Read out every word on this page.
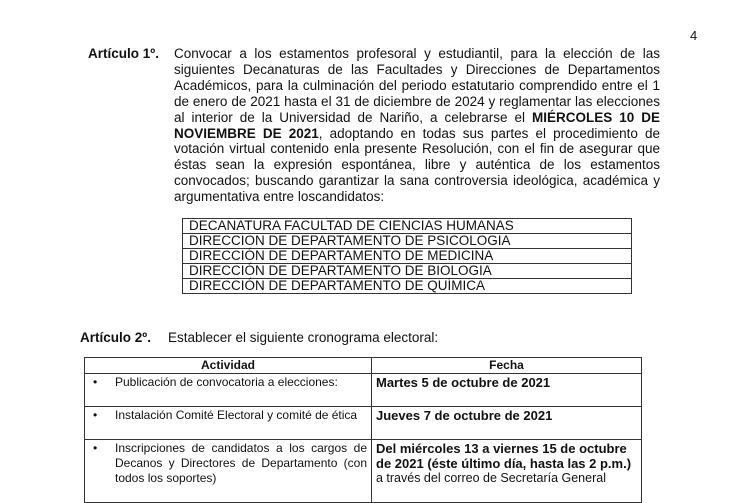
4
Artículo 1º. Convocar a los estamentos profesoral y estudiantil, para la elección de las siguientes Decanaturas de las Facultades y Direcciones de Departamentos Académicos, para la culminación del periodo estatutario comprendido entre el 1 de enero de 2021 hasta el 31 de diciembre de 2024 y reglamentar las elecciones al interior de la Universidad de Nariño, a celebrarse el MIÉRCOLES 10 DE NOVIEMBRE DE 2021, adoptando en todas sus partes el procedimiento de votación virtual contenido enla presente Resolución, con el fin de asegurar que éstas sean la expresión espontánea, libre y auténtica de los estamentos convocados; buscando garantizar la sana controversia ideológica, académica y argumentativa entre loscandidatos:
DECANATURA FACULTAD DE CIENCIAS HUMANAS
DIRECCION DE DEPARTAMENTO DE PSICOLOGIA
DIRECCIÓN DE DEPARTAMENTO DE MEDICINA
DIRECCIÓN DE DEPARTAMENTO DE BIOLOGIA
DIRECCIÓN DE DEPARTAMENTO DE QUÍMICA
Artículo 2º. Establecer el siguiente cronograma electoral:
Actividad	Fecha

• Publicación de convocatoria a elecciones:	Martes 5 de octubre de 2021

• Instalación Comité Electoral y comité de ética	Jueves 7 de octubre de 2021

• Inscripciones de candidatos a los cargos de Decanos y Directores de Departamento (con todos los soportes)	Del miércoles 13 a viernes 15 de octubre de 2021 (éste último día, hasta las 2 p.m.)
a través del correo de Secretaría General
